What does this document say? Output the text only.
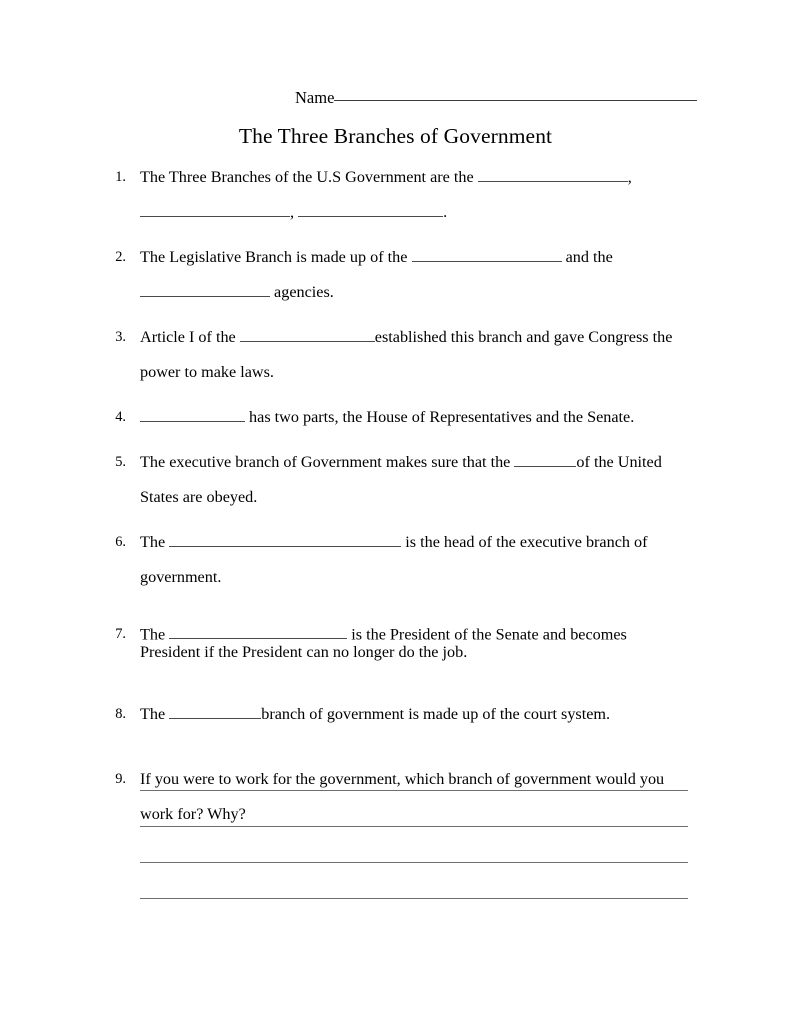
Name
The Three Branches of Government
1. The Three Branches of the U.S Government are the	,
,	.
2. The Legislative Branch is made up of the	and the
agencies.
3. Article I of the	established this branch and gave Congress the
power to make laws.
4.	has two parts, the House of Representatives and the Senate.
5. The executive branch of Government makes sure that the	of the United
States are obeyed.
6. The	is the head of the executive branch of
government.
7. The	is the President of the Senate and becomes
President if the President can no longer do the job.
8. The	branch of government is made up of the court system.
9. If you were to work for the government, which branch of government would you
work for? Why?
